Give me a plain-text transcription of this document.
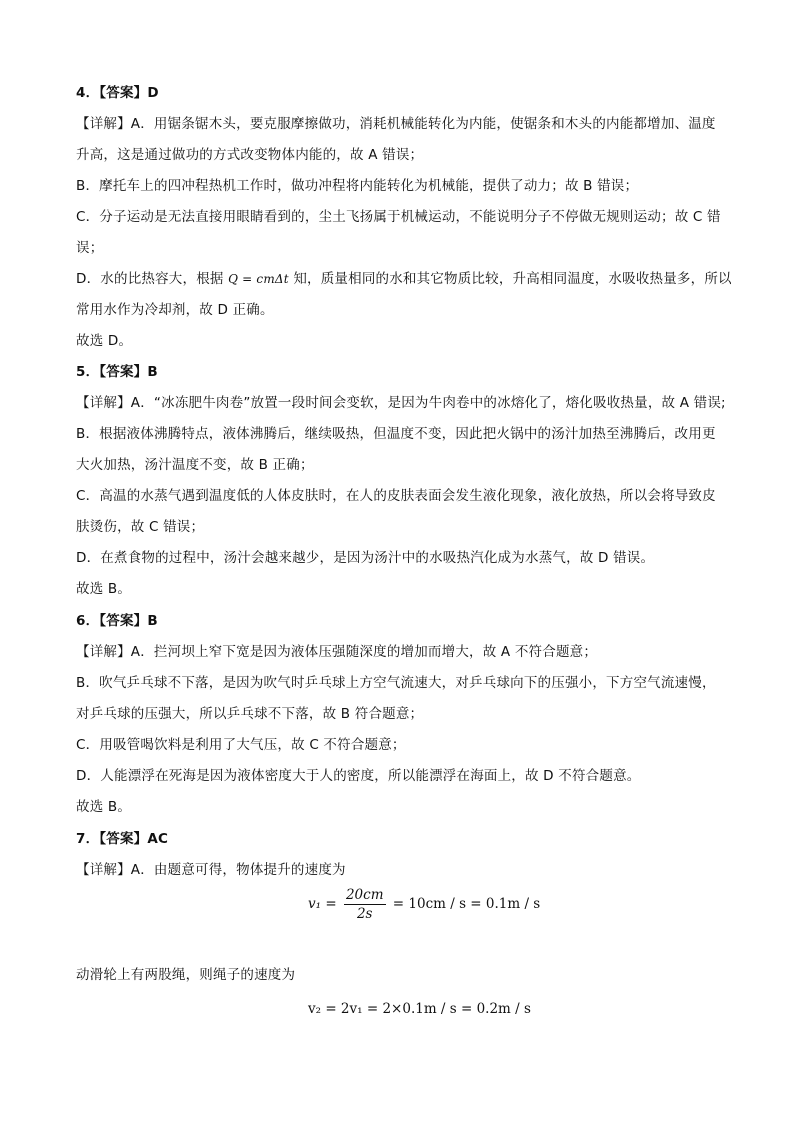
4．【答案】D
【详解】A．用锯条锯木头，要克服摩擦做功，消耗机械能转化为内能，使锯条和木头的内能都增加、温度
升高，这是通过做功的方式改变物体内能的，故 A 错误；
B．摩托车上的四冲程热机工作时，做功冲程将内能转化为机械能，提供了动力；故 B 错误；
C．分子运动是无法直接用眼睛看到的，尘土飞扬属于机械运动，不能说明分子不停做无规则运动；故 C 错
误；
D．水的比热容大，根据 Q = cmΔt 知，质量相同的水和其它物质比较，升高相同温度，水吸收热量多，所以
常用水作为冷却剂，故 D 正确。
故选 D。
5．【答案】B
【详解】A．“冰冻肥牛肉卷”放置一段时间会变软，是因为牛肉卷中的冰熔化了，熔化吸收热量，故 A 错误;
B．根据液体沸腾特点，液体沸腾后，继续吸热，但温度不变，因此把火锅中的汤汁加热至沸腾后，改用更
大火加热，汤汁温度不变，故 B 正确；
C．高温的水蒸气遇到温度低的人体皮肤时，在人的皮肤表面会发生液化现象，液化放热，所以会将导致皮
肤烫伤，故 C 错误；
D．在煮食物的过程中，汤汁会越来越少，是因为汤汁中的水吸热汽化成为水蒸气，故 D 错误。
故选 B。
6．【答案】B
【详解】A．拦河坝上窄下宽是因为液体压强随深度的增加而增大，故 A 不符合题意；
B．吹气乒乓球不下落，是因为吹气时乒乓球上方空气流速大，对乒乓球向下的压强小，下方空气流速慢，
对乒乓球的压强大，所以乒乓球不下落，故 B 符合题意；
C．用吸管喝饮料是利用了大气压，故 C 不符合题意；
D．人能漂浮在死海是因为液体密度大于人的密度，所以能漂浮在海面上，故 D 不符合题意。
故选 B。
7．【答案】AC
【详解】A．由题意可得，物体提升的速度为
$v_1 = \frac{20cm}{2s} = 10cm / s = 0.1m / s$
动滑轮上有两股绳，则绳子的速度为
v₂ = 2v₁ = 2×0.1m / s = 0.2m / s
